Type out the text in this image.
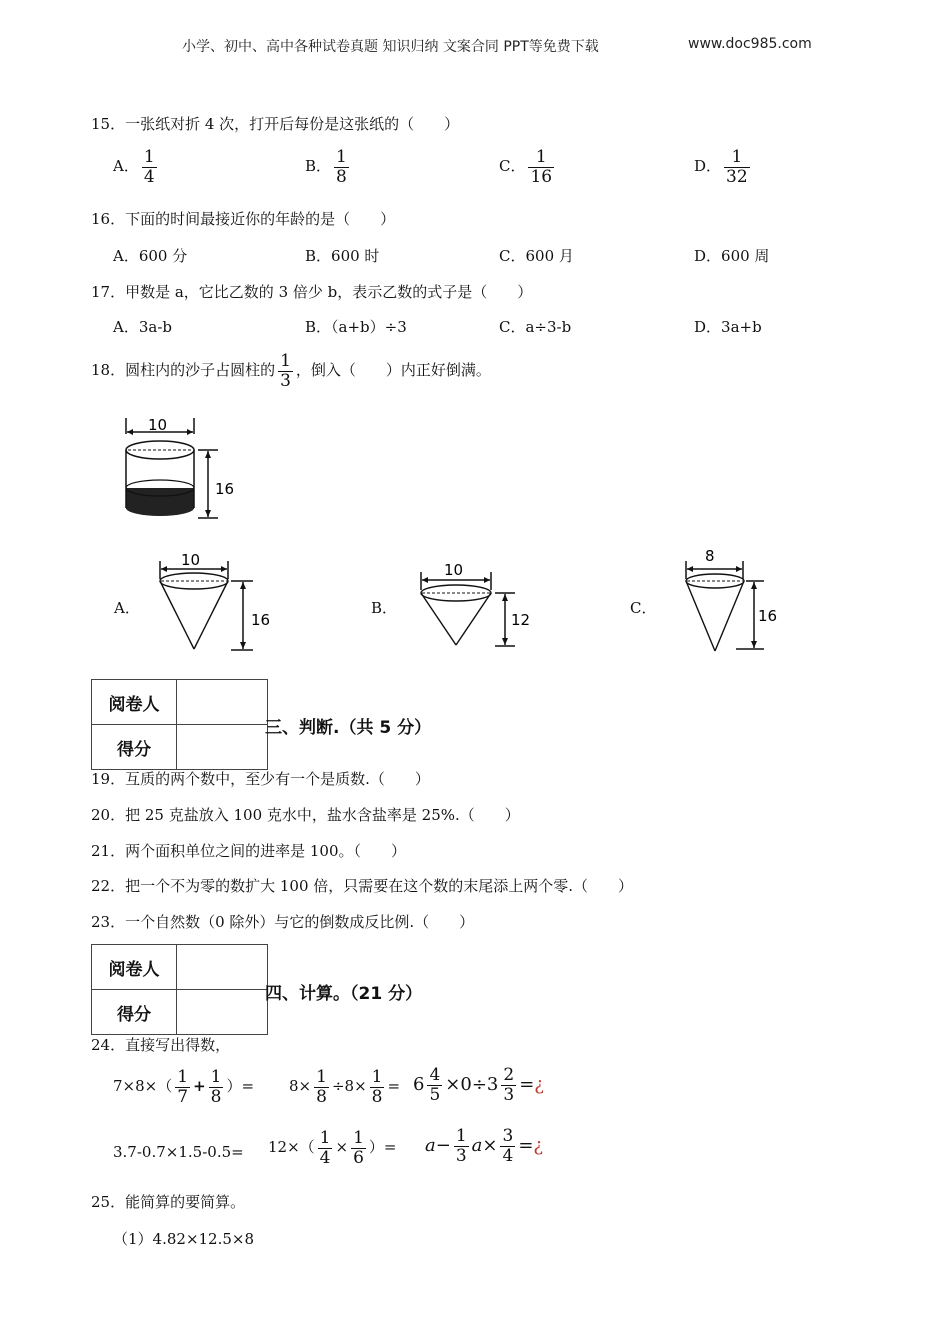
小学、初中、高中各种试卷真题 知识归纳 文案合同 PPT等免费下载	www.doc985.com
15．一张纸对折 4 次，打开后每份是这张纸的（　　）
A． $\frac{1}{4}$	B． $\frac{1}{8}$	C． $\frac{1}{16}$	D． $\frac{1}{32}$
16．下面的时间最接近你的年龄的是（　　）
A．600 分	B．600 时	C．600 月	D．600 周
17．甲数是 a，它比乙数的 3 倍少 b，表示乙数的式子是（　　）
A．3a-b	B．（a+b）÷3	C．a÷3-b	D．3a+b
18．圆柱内的沙子占圆柱的 $\frac{1}{3}$ ，倒入（　　）内正好倒满。
10
16
A．
10
16
B．
10
12
C．
8
16
阅卷人	
得分	
三、判断.（共 5 分）
19．互质的两个数中，至少有一个是质数.（　　）
20．把 25 克盐放入 100 克水中，盐水含盐率是 25%.（　　）
21．两个面积单位之间的进率是 100。（　　）
22．把一个不为零的数扩大 100 倍，只需要在这个数的末尾添上两个零.（　　）
23．一个自然数（0 除外）与它的倒数成反比例.（　　）
阅卷人	
得分	
四、计算。（21 分）
24．直接写出得数，
$7\times 8\times( \frac{1}{7} + \frac{1}{8}$ ）= $8\times \frac{1}{8} \div 8\times \frac{1}{8} = 6 \frac{4}{5} \times 0\div 3 \frac{2}{3}$ =¿
$3.7-0.7\times 1.5-0.5= 12\times( \frac{1}{4} \times \frac{1}{6}$ ）= $a- \frac{1}{3} a\times \frac{3}{4}$ =¿
25．能简算的要简算。
（1）4.82×12.5×8
